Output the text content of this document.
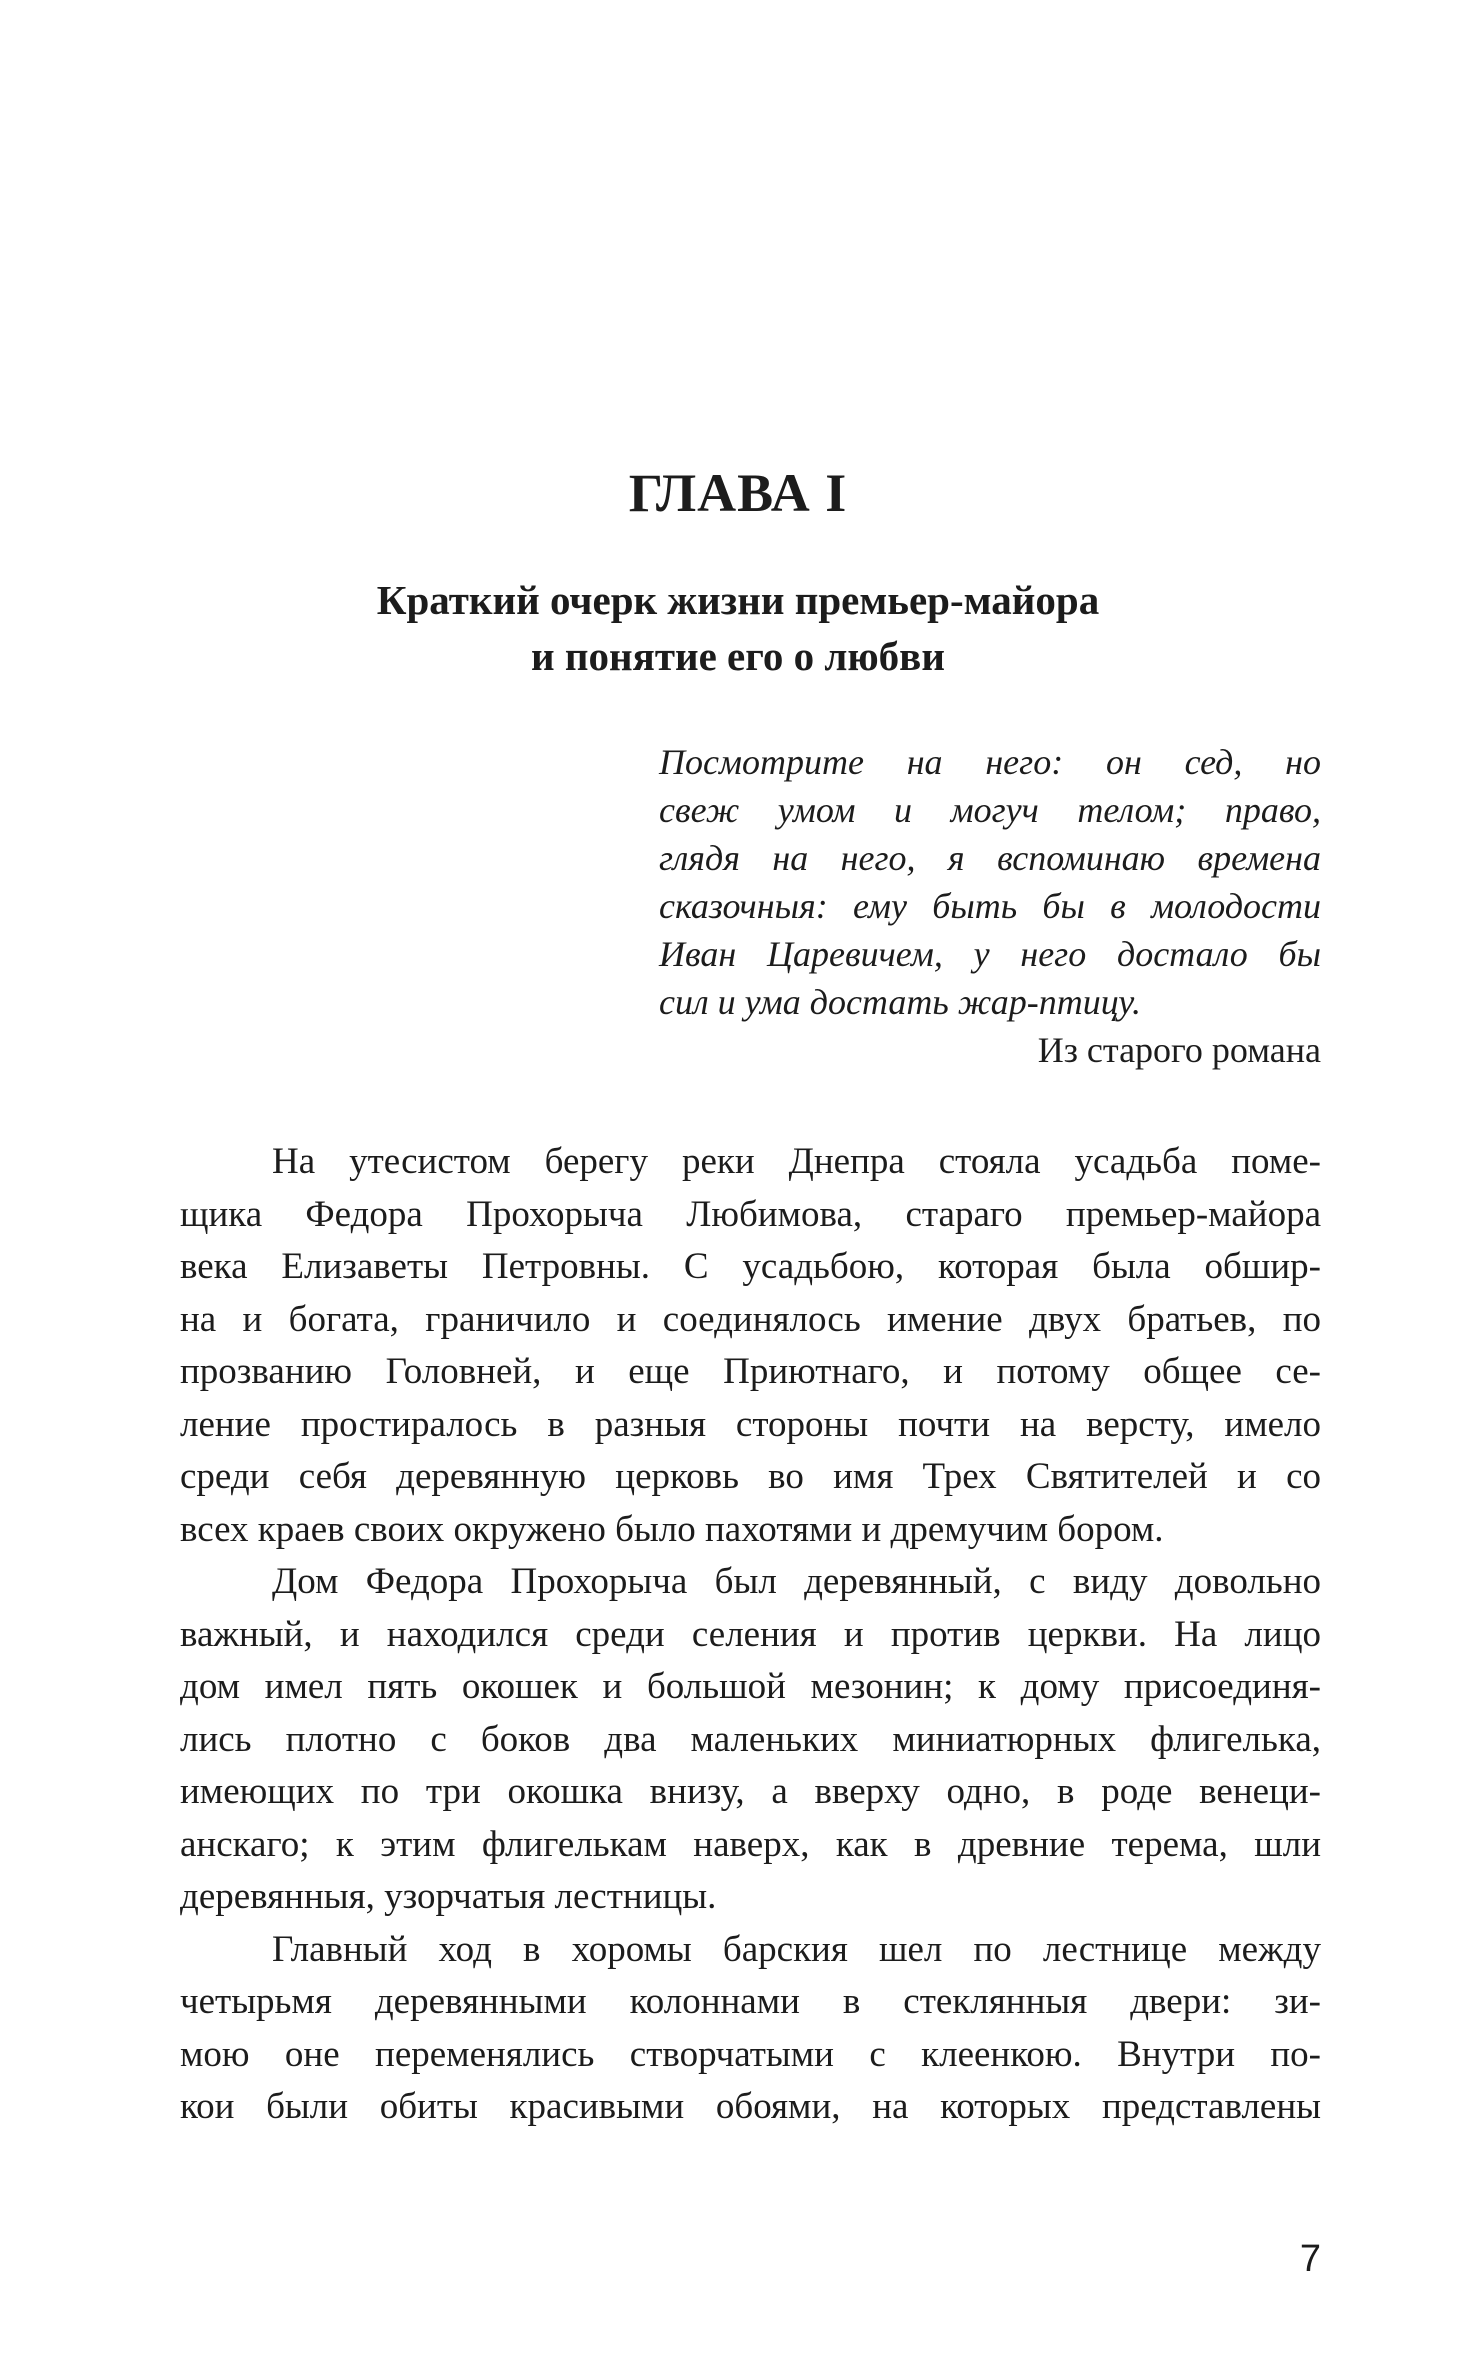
ГЛАВА I
Краткий очерк жизни премьер-майора
и понятие его о любви
Посмотрите на него: он сед, но
свеж умом и могуч телом; право,
глядя на него, я вспоминаю времена
сказочныя: ему быть бы в молодости
Иван Царевичем, у него достало бы
сил и ума достать жар-птицу.
Из старого романа
На утесистом берегу реки Днепра стояла усадьба поме-
щика Федора Прохорыча Любимова, стараго премьер-майора
века Елизаветы Петровны. С усадьбою, которая была обшир-
на и богата, граничило и соединялось имение двух братьев, по
прозванию Головней, и еще Приютнаго, и потому общее се-
ление простиралось в разныя стороны почти на версту, имело
среди себя деревянную церковь во имя Трех Святителей и со
всех краев своих окружено было пахотями и дремучим бором.
Дом Федора Прохорыча был деревянный, с виду довольно
важный, и находился среди селения и против церкви. На лицо
дом имел пять окошек и большой мезонин; к дому присоединя-
лись плотно с боков два маленьких миниатюрных флигелька,
имеющих по три окошка внизу, а вверху одно, в роде венеци-
анскаго; к этим флигелькам наверх, как в древние терема, шли
деревянныя, узорчатыя лестницы.
Главный ход в хоромы барския шел по лестнице между
четырьмя деревянными колоннами в стеклянныя двери: зи-
мою оне переменялись створчатыми с клеенкою. Внутри по-
кои были обиты красивыми обоями, на которых представлены
7
